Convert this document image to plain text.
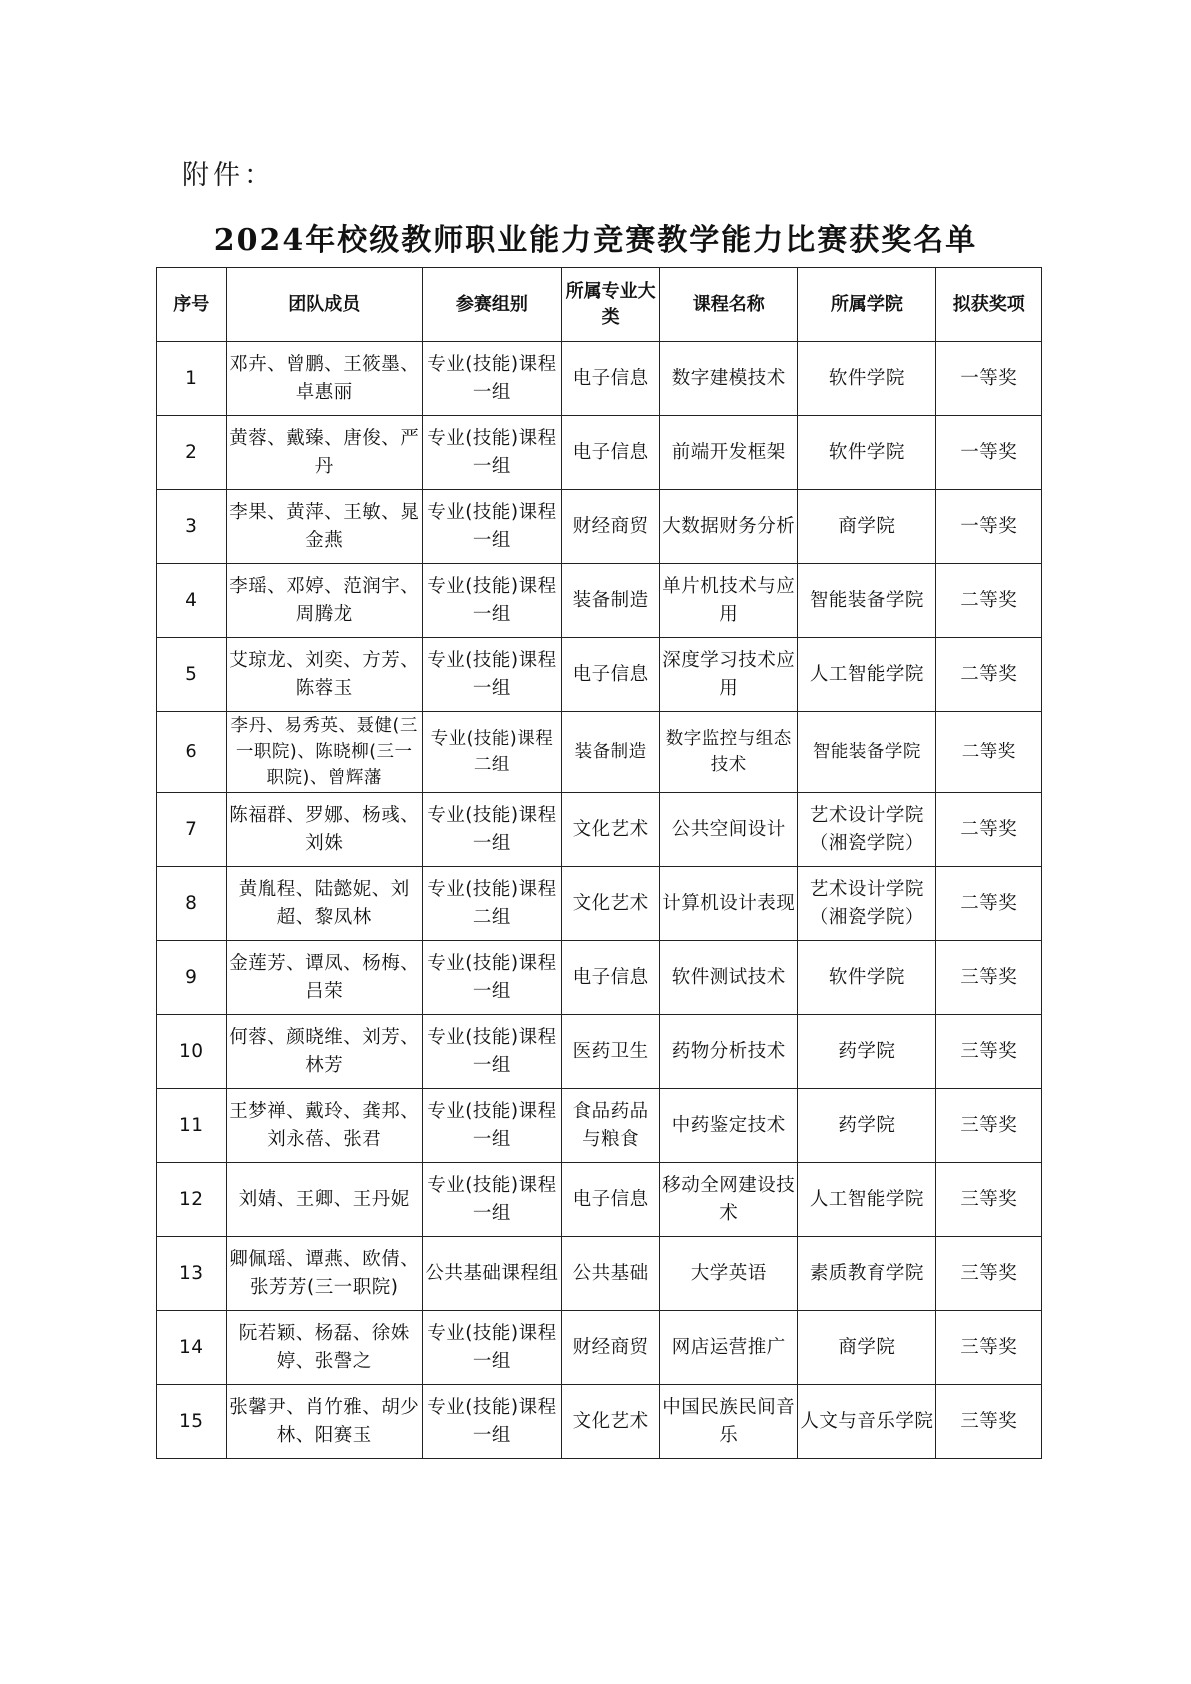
附件：
2024年校级教师职业能力竞赛教学能力比赛获奖名单
序号	团队成员	参赛组别	所属专业大类	课程名称	所属学院	拟获奖项
1	邓卉、曾鹏、王筱墨、卓惠丽	专业(技能)课程一组	电子信息	数字建模技术	软件学院	一等奖
2	黄蓉、戴臻、唐俊、严丹	专业(技能)课程一组	电子信息	前端开发框架	软件学院	一等奖
3	李果、黄萍、王敏、晁金燕	专业(技能)课程一组	财经商贸	大数据财务分析	商学院	一等奖
4	李瑶、邓婷、范润宇、周腾龙	专业(技能)课程一组	装备制造	单片机技术与应用	智能装备学院	二等奖
5	艾琼龙、刘奕、方芳、陈蓉玉	专业(技能)课程一组	电子信息	深度学习技术应用	人工智能学院	二等奖
6	李丹、易秀英、聂健(三一职院)、陈晓柳(三一职院)、曾辉藩	专业(技能)课程二组	装备制造	数字监控与组态技术	智能装备学院	二等奖
7	陈福群、罗娜、杨彧、刘姝	专业(技能)课程一组	文化艺术	公共空间设计	艺术设计学院（湘瓷学院）	二等奖
8	黄胤程、陆懿妮、刘超、黎凤林	专业(技能)课程二组	文化艺术	计算机设计表现	艺术设计学院（湘瓷学院）	二等奖
9	金莲芳、谭凤、杨梅、吕荣	专业(技能)课程一组	电子信息	软件测试技术	软件学院	三等奖
10	何蓉、颜晓维、刘芳、林芳	专业(技能)课程一组	医药卫生	药物分析技术	药学院	三等奖
11	王梦禅、戴玲、龚邦、刘永蓓、张君	专业(技能)课程一组	食品药品与粮食	中药鉴定技术	药学院	三等奖
12	刘婧、王卿、王丹妮	专业(技能)课程一组	电子信息	移动全网建设技术	人工智能学院	三等奖
13	卿佩瑶、谭燕、欧倩、张芳芳(三一职院)	公共基础课程组	公共基础	大学英语	素质教育学院	三等奖
14	阮若颖、杨磊、徐姝婷、张謦之	专业(技能)课程一组	财经商贸	网店运营推广	商学院	三等奖
15	张馨尹、肖竹雅、胡少林、阳赛玉	专业(技能)课程一组	文化艺术	中国民族民间音乐	人文与音乐学院	三等奖
